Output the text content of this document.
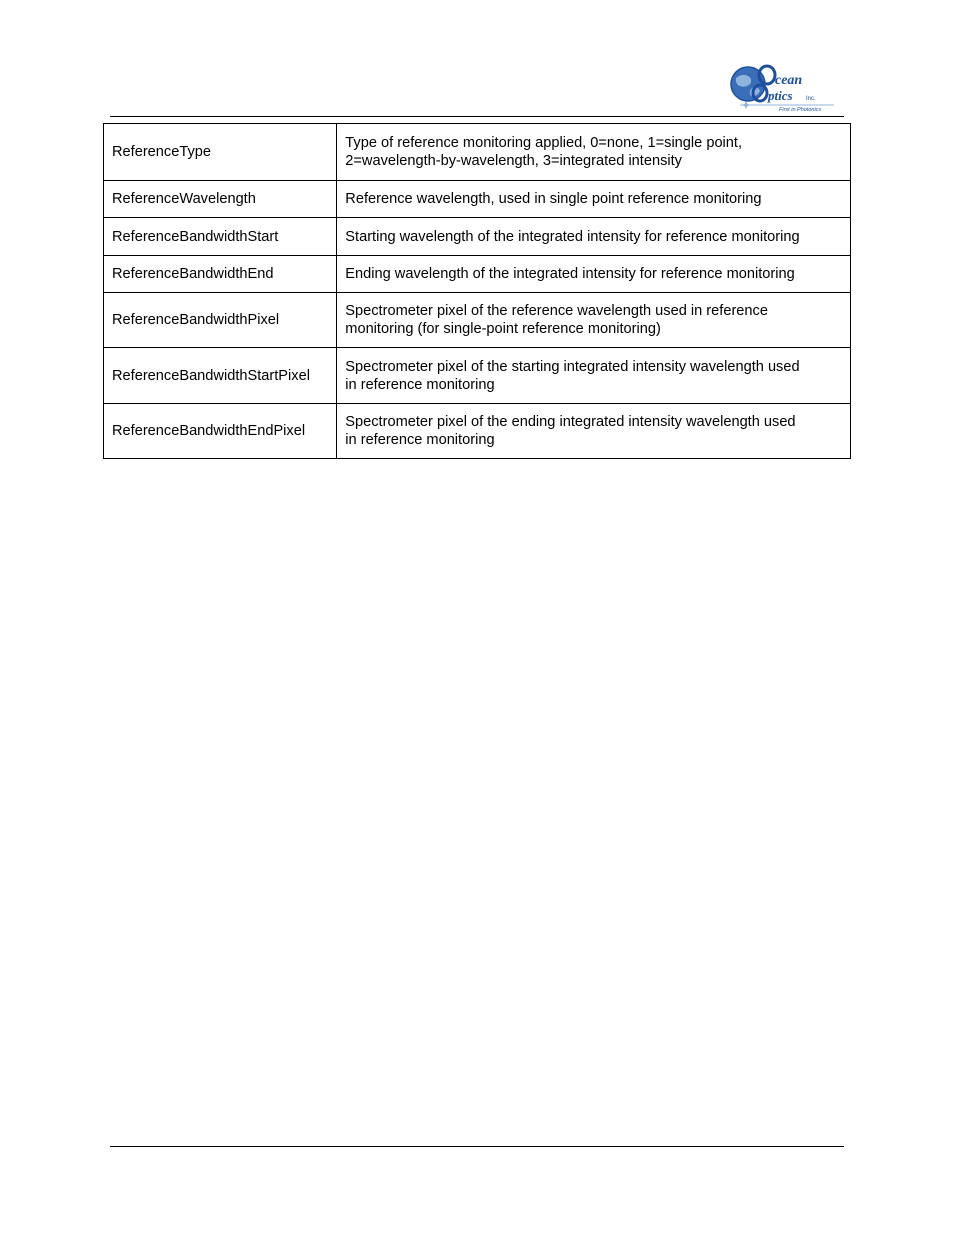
cean
ptics Inc.
First in Photonics
ReferenceType	Type of reference monitoring applied, 0=none, 1=single point,
2=wavelength-by-wavelength, 3=integrated intensity

ReferenceWavelength	Reference wavelength, used in single point reference monitoring

ReferenceBandwidthStart	Starting wavelength of the integrated intensity for reference monitoring

ReferenceBandwidthEnd	Ending wavelength of the integrated intensity for reference monitoring

ReferenceBandwidthPixel	Spectrometer pixel of the reference wavelength used in reference
monitoring (for single-point reference monitoring)

ReferenceBandwidthStartPixel	Spectrometer pixel of the starting integrated intensity wavelength used
in reference monitoring

ReferenceBandwidthEndPixel	Spectrometer pixel of the ending integrated intensity wavelength used
in reference monitoring
